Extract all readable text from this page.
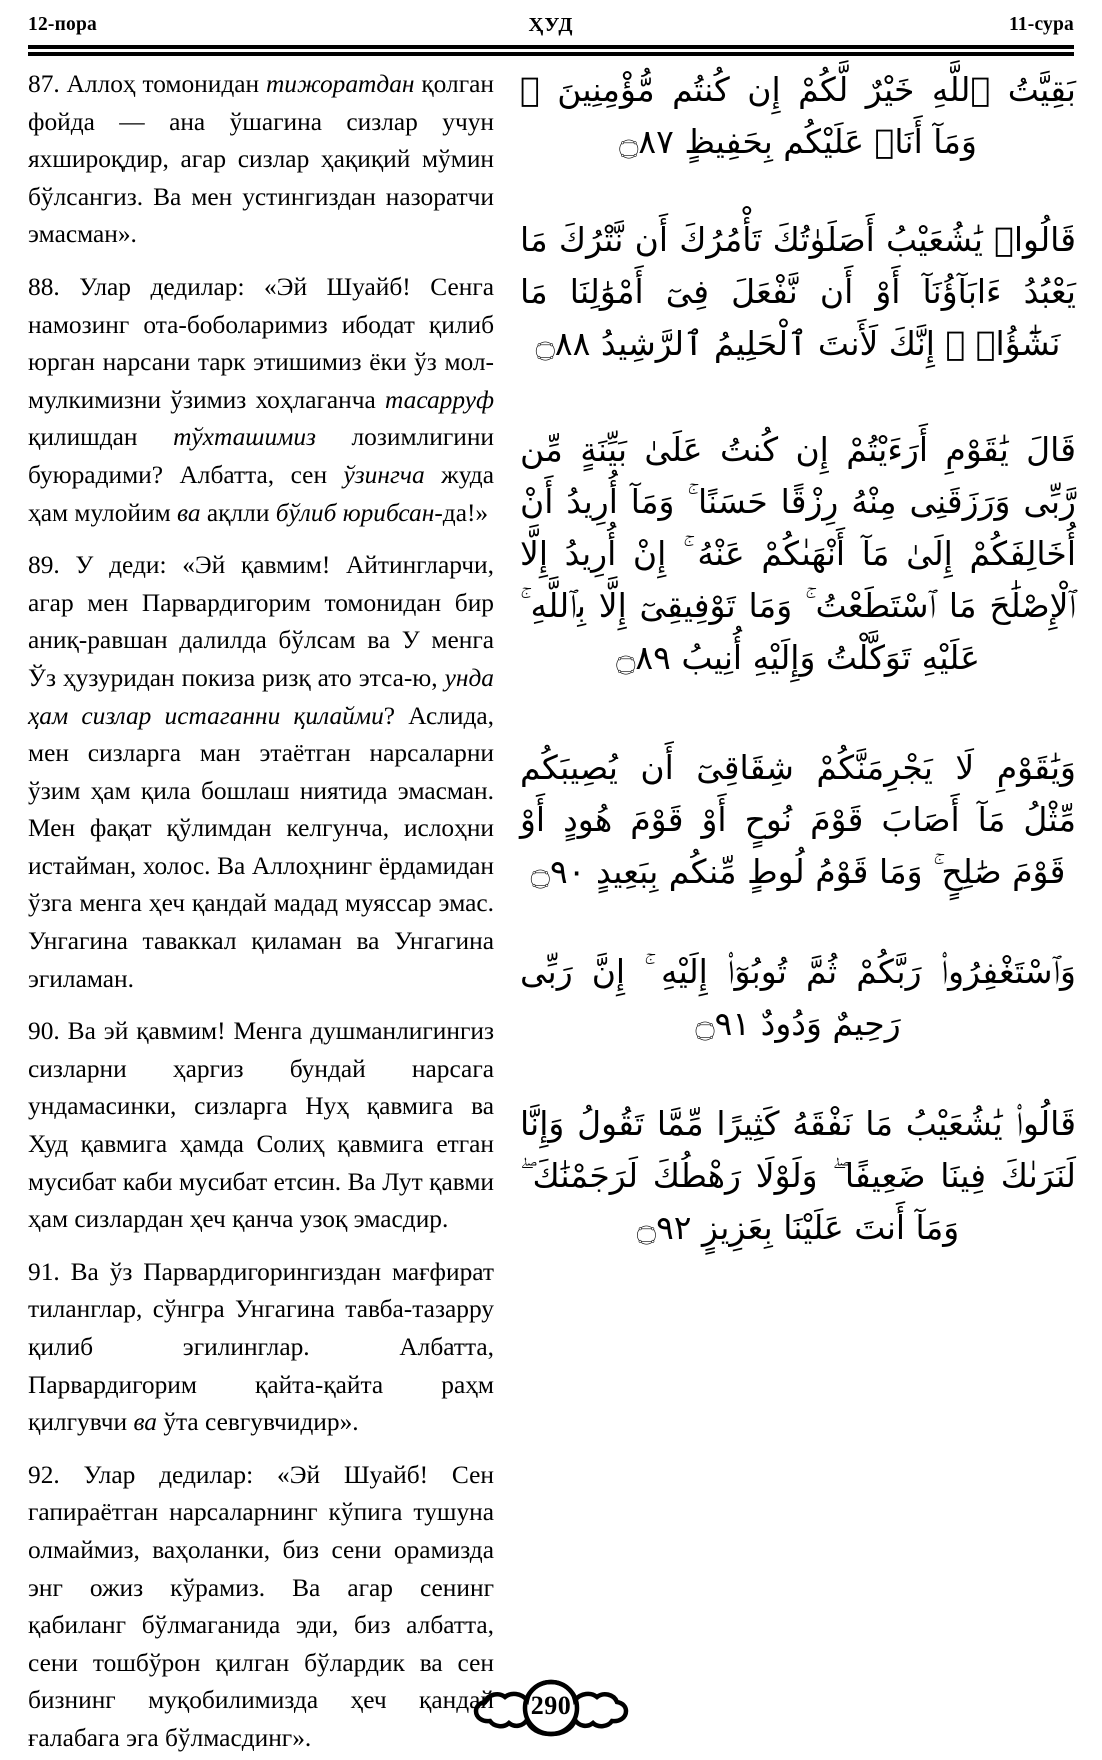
12-пора	ҲУД	11-сура

87. Аллоҳ томонидан тижоратдан қолган фойда — ана ўшагина сизлар учун яхшироқдир, агар сизлар ҳақиқий мўмин бўлсангиз. Ва мен устингиздан назоратчи эмасман».

88. Улар дедилар: «Эй Шуайб! Сенга намозинг ота-боболаримиз ибодат қилиб юрган нарсани тарк этишимиз ёки ўз мол-мулкимизни ўзимиз хоҳлаганча тасарруф қилишдан тўхташимиз лозимлигини буюрадими? Албатта, сен ўзингча жуда ҳам мулойим ва ақлли бўлиб юрибсан-да!»

89. У деди: «Эй қавмим! Айтингларчи, агар мен Парвардигорим томонидан бир аниқ-равшан далилда бўлсам ва У менга Ўз ҳузуридан покиза ризқ ато этса-ю, унда ҳам сизлар истаганни қилайми? Аслида, мен сизларга ман этаётган нарсаларни ўзим ҳам қила бошлаш ниятида эмасман. Мен фақат қўлимдан келгунча, ислоҳни истайман, холос. Ва Аллоҳнинг ёрдамидан ўзга менга ҳеч қандай мадад муяссар эмас. Унгагина таваккал қиламан ва Унгагина эгиламан.

90. Ва эй қавмим! Менга душманлигингиз сизларни ҳаргиз бундай нарсага ундамасинки, сизларга Нуҳ қавмига ва Худ қавмига ҳамда Солиҳ қавмига етган мусибат каби мусибат етсин. Ва Лут қавми ҳам сизлардан ҳеч қанча узоқ эмасдир.

91. Ва ўз Парвардигорингиздан мағфират тиланглар, сўнгра Унгагина тавба-тазарру қилиб эгилинглар. Албатта, Парвардигорим қайта-қайта раҳм қилгувчи ва ўта севгувчидир».

92. Улар дедилар: «Эй Шуайб! Сен гапираётган нарсаларнинг кўпига тушуна олмаймиз, ваҳоланки, биз сени орамизда энг ожиз кўрамиз. Ва агар сенинг қабиланг бўлмаганида эди, биз албатта, сени тошбўрон қилган бўлардик ва сен бизнинг муқобилимизда ҳеч қандай ғалабага эга бўлмасдинг».

بَقِيَّتُ ٱللَّهِ خَيْرٌ لَّكُمْ إِن كُنتُم مُّؤْمِنِينَ ۚ وَمَآ أَنَا۠ عَلَيْكُم بِحَفِيظٍ ۝٨٧

قَالُوا۟ يَٰشُعَيْبُ أَصَلَوٰتُكَ تَأْمُرُكَ أَن نَّتْرُكَ مَا يَعْبُدُ ءَابَآؤُنَآ أَوْ أَن نَّفْعَلَ فِىٓ أَمْوَٰلِنَا مَا نَشَٰٓؤُا۟ ۖ إِنَّكَ لَأَنتَ ٱلْحَلِيمُ ٱلرَّشِيدُ ۝٨٨

قَالَ يَٰقَوْمِ أَرَءَيْتُمْ إِن كُنتُ عَلَىٰ بَيِّنَةٍ مِّن رَّبِّى وَرَزَقَنِى مِنْهُ رِزْقًا حَسَنًا ۚ وَمَآ أُرِيدُ أَنْ أُخَالِفَكُمْ إِلَىٰ مَآ أَنْهَىٰكُمْ عَنْهُ ۚ إِنْ أُرِيدُ إِلَّا ٱلْإِصْلَٰحَ مَا ٱسْتَطَعْتُ ۚ وَمَا تَوْفِيقِىٓ إِلَّا بِٱللَّهِ ۚ عَلَيْهِ تَوَكَّلْتُ وَإِلَيْهِ أُنِيبُ ۝٨٩

وَيَٰقَوْمِ لَا يَجْرِمَنَّكُمْ شِقَاقِىٓ أَن يُصِيبَكُم مِّثْلُ مَآ أَصَابَ قَوْمَ نُوحٍ أَوْ قَوْمَ هُودٍ أَوْ قَوْمَ صَٰلِحٍ ۚ وَمَا قَوْمُ لُوطٍ مِّنكُم بِبَعِيدٍ ۝٩٠

وَٱسْتَغْفِرُوا۟ رَبَّكُمْ ثُمَّ تُوبُوٓا۟ إِلَيْهِ ۚ إِنَّ رَبِّى رَحِيمٌ وَدُودٌ ۝٩١

قَالُوا۟ يَٰشُعَيْبُ مَا نَفْقَهُ كَثِيرًا مِّمَّا تَقُولُ وَإِنَّا لَنَرَىٰكَ فِينَا ضَعِيفًا ۖ وَلَوْلَا رَهْطُكَ لَرَجَمْنَٰكَ ۖ وَمَآ أَنتَ عَلَيْنَا بِعَزِيزٍ ۝٩٢

290
